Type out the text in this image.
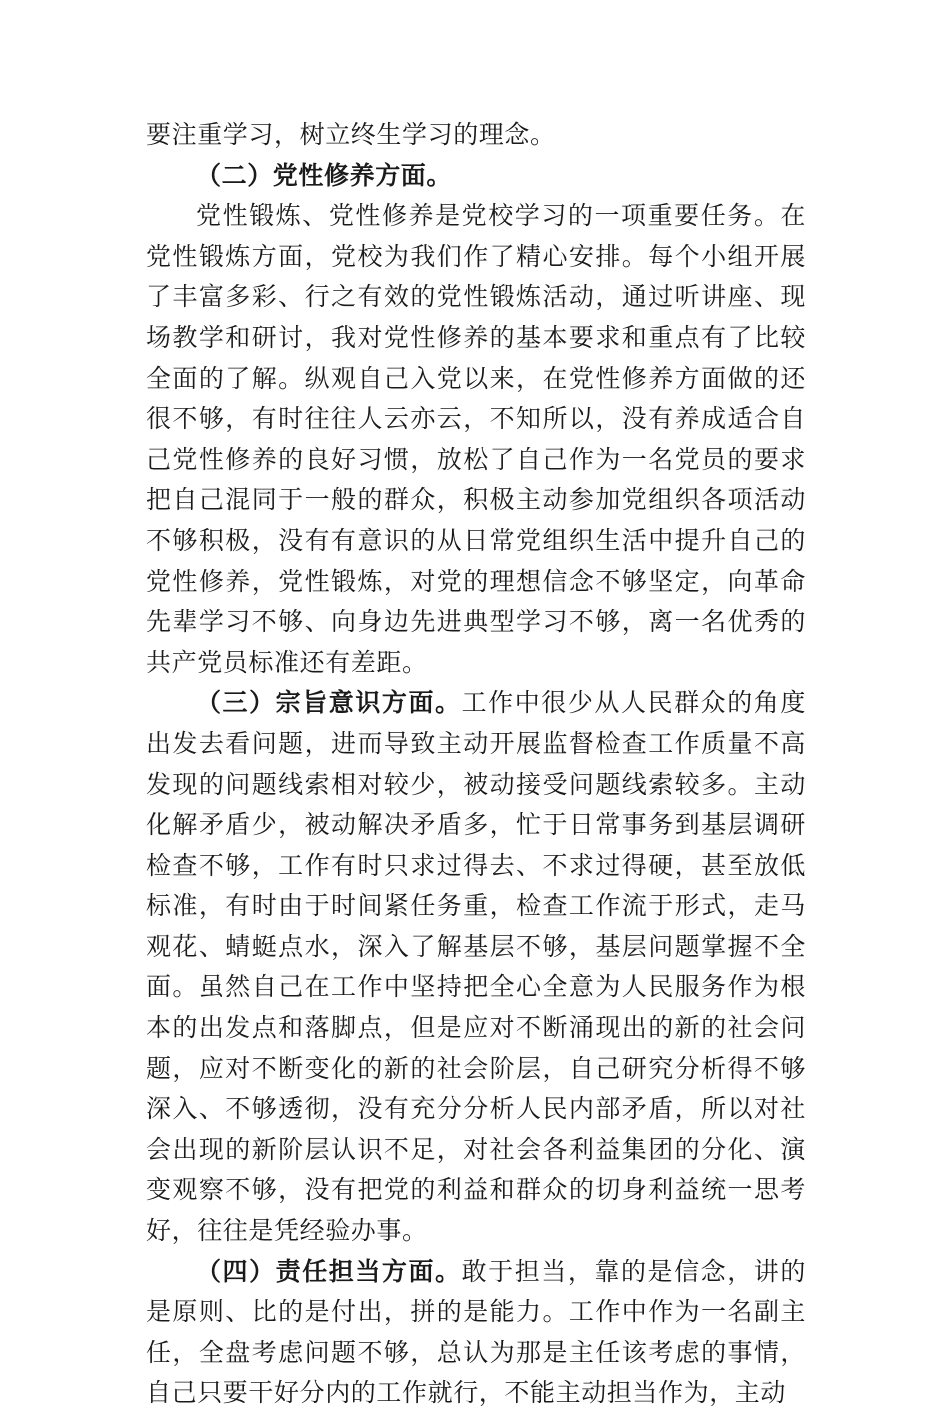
要注重学习，树立终生学习的理念。

（二）党性修养方面。

党性锻炼、党性修养是党校学习的一项重要任务。在党性锻炼方面，党校为我们作了精心安排。每个小组开展了丰富多彩、行之有效的党性锻炼活动，通过听讲座、现场教学和研讨，我对党性修养的基本要求和重点有了比较全面的了解。纵观自己入党以来，在党性修养方面做的还很不够，有时往往人云亦云，不知所以，没有养成适合自己党性修养的良好习惯，放松了自己作为一名党员的要求把自己混同于一般的群众，积极主动参加党组织各项活动不够积极，没有有意识的从日常党组织生活中提升自己的党性修养，党性锻炼，对党的理想信念不够坚定，向革命先辈学习不够、向身边先进典型学习不够，离一名优秀的共产党员标准还有差距。

（三）宗旨意识方面。工作中很少从人民群众的角度出发去看问题，进而导致主动开展监督检查工作质量不高发现的问题线索相对较少，被动接受问题线索较多。主动化解矛盾少，被动解决矛盾多，忙于日常事务到基层调研检查不够，工作有时只求过得去、不求过得硬，甚至放低标准，有时由于时间紧任务重，检查工作流于形式，走马观花、蜻蜓点水，深入了解基层不够，基层问题掌握不全面。虽然自己在工作中坚持把全心全意为人民服务作为根本的出发点和落脚点，但是应对不断涌现出的新的社会问题，应对不断变化的新的社会阶层，自己研究分析得不够深入、不够透彻，没有充分分析人民内部矛盾，所以对社会出现的新阶层认识不足，对社会各利益集团的分化、演变观察不够，没有把党的利益和群众的切身利益统一思考好，往往是凭经验办事。

（四）责任担当方面。敢于担当，靠的是信念，讲的是原则、比的是付出，拼的是能力。工作中作为一名副主任，全盘考虑问题不够，总认为那是主任该考虑的事情，自己只要干好分内的工作就行，不能主动担当作为，主动
